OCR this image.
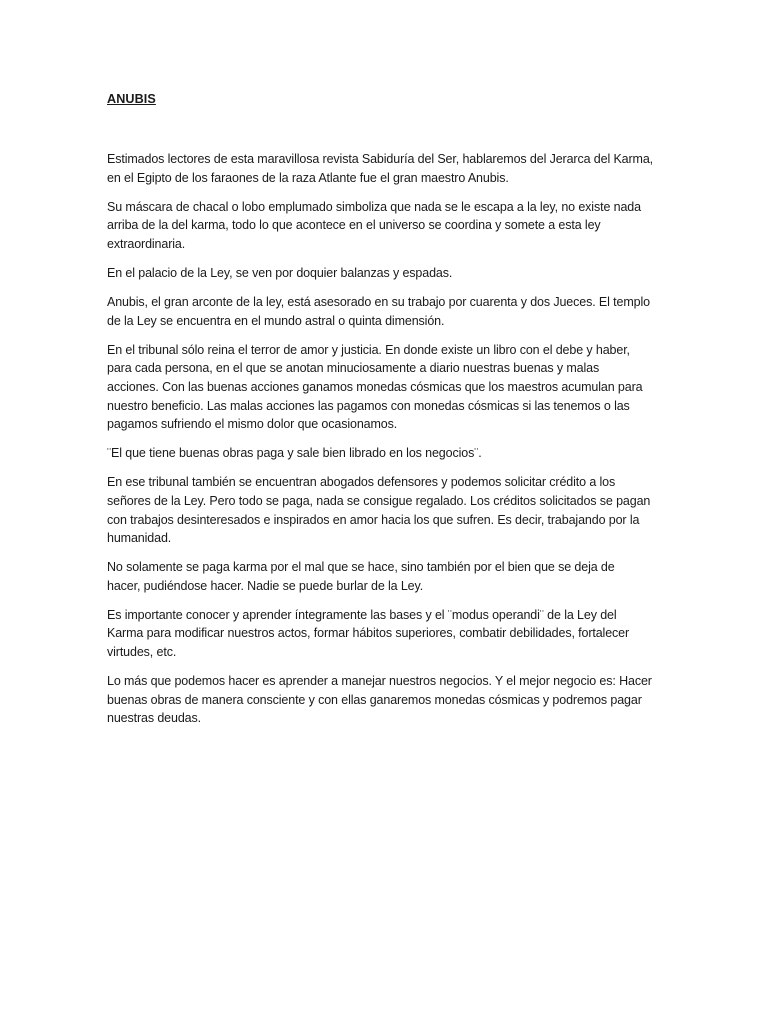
ANUBIS

Estimados lectores de esta maravillosa revista Sabiduría del Ser, hablaremos del Jerarca del Karma,
en el Egipto de los faraones de la raza Atlante fue el gran maestro Anubis.

Su máscara de chacal o lobo emplumado simboliza que nada se le escapa a la ley, no existe nada
arriba de la del karma, todo lo que acontece en el universo se coordina y somete a esta ley
extraordinaria.

En el palacio de la Ley, se ven por doquier balanzas y espadas.

Anubis, el gran arconte de la ley, está asesorado en su trabajo por cuarenta y dos Jueces. El templo
de la Ley se encuentra en el mundo astral o quinta dimensión.

En el tribunal sólo reina el terror de amor y justicia. En donde existe un libro con el debe y haber,
para cada persona, en el que se anotan minuciosamente a diario nuestras buenas y malas
acciones. Con las buenas acciones ganamos monedas cósmicas que los maestros acumulan para
nuestro beneficio. Las malas acciones las pagamos con monedas cósmicas si las tenemos o las
pagamos sufriendo el mismo dolor que ocasionamos.

¨El que tiene buenas obras paga y sale bien librado en los negocios¨.

En ese tribunal también se encuentran abogados defensores y podemos solicitar crédito a los
señores de la Ley. Pero todo se paga, nada se consigue regalado. Los créditos solicitados se pagan
con trabajos desinteresados e inspirados en amor hacia los que sufren. Es decir, trabajando por la
humanidad.

No solamente se paga karma por el mal que se hace, sino también por el bien que se deja de
hacer, pudiéndose hacer. Nadie se puede burlar de la Ley.

Es importante conocer y aprender íntegramente las bases y el ¨modus operandi¨ de la Ley del
Karma para modificar nuestros actos, formar hábitos superiores, combatir debilidades, fortalecer
virtudes, etc.

Lo más que podemos hacer es aprender a manejar nuestros negocios. Y el mejor negocio es: Hacer
buenas obras de manera consciente y con ellas ganaremos monedas cósmicas y podremos pagar
nuestras deudas.
